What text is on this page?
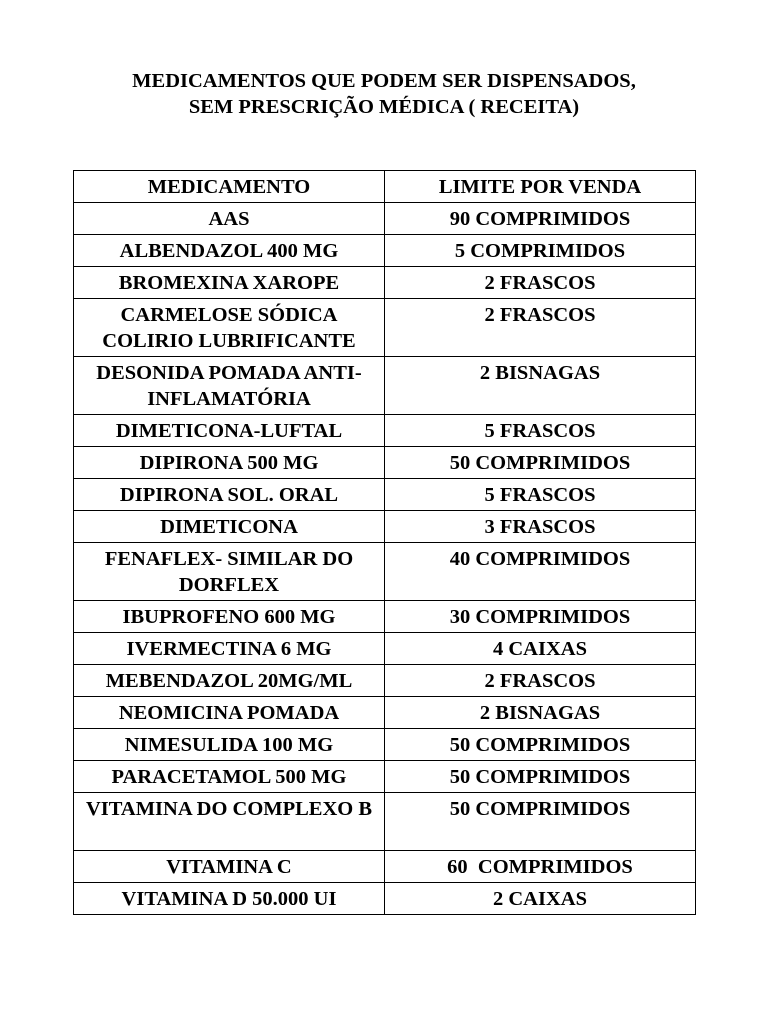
MEDICAMENTOS QUE PODEM SER DISPENSADOS,
SEM PRESCRIÇÃO MÉDICA ( RECEITA)
MEDICAMENTO	LIMITE POR VENDA
AAS	90 COMPRIMIDOS
ALBENDAZOL 400 MG	5 COMPRIMIDOS
BROMEXINA XAROPE	2 FRASCOS
CARMELOSE SÓDICA COLIRIO LUBRIFICANTE	2 FRASCOS
DESONIDA POMADA ANTI-INFLAMATÓRIA	2 BISNAGAS
DIMETICONA-LUFTAL	5 FRASCOS
DIPIRONA 500 MG	50 COMPRIMIDOS
DIPIRONA SOL. ORAL	5 FRASCOS
DIMETICONA	3 FRASCOS
FENAFLEX- SIMILAR DO DORFLEX	40 COMPRIMIDOS
IBUPROFENO 600 MG	30 COMPRIMIDOS
IVERMECTINA 6 MG	4 CAIXAS
MEBENDAZOL 20MG/ML	2 FRASCOS
NEOMICINA POMADA	2 BISNAGAS
NIMESULIDA 100 MG	50 COMPRIMIDOS
PARACETAMOL 500 MG	50 COMPRIMIDOS
VITAMINA DO COMPLEXO B	50 COMPRIMIDOS
VITAMINA C	60  COMPRIMIDOS
VITAMINA D 50.000 UI	2 CAIXAS
